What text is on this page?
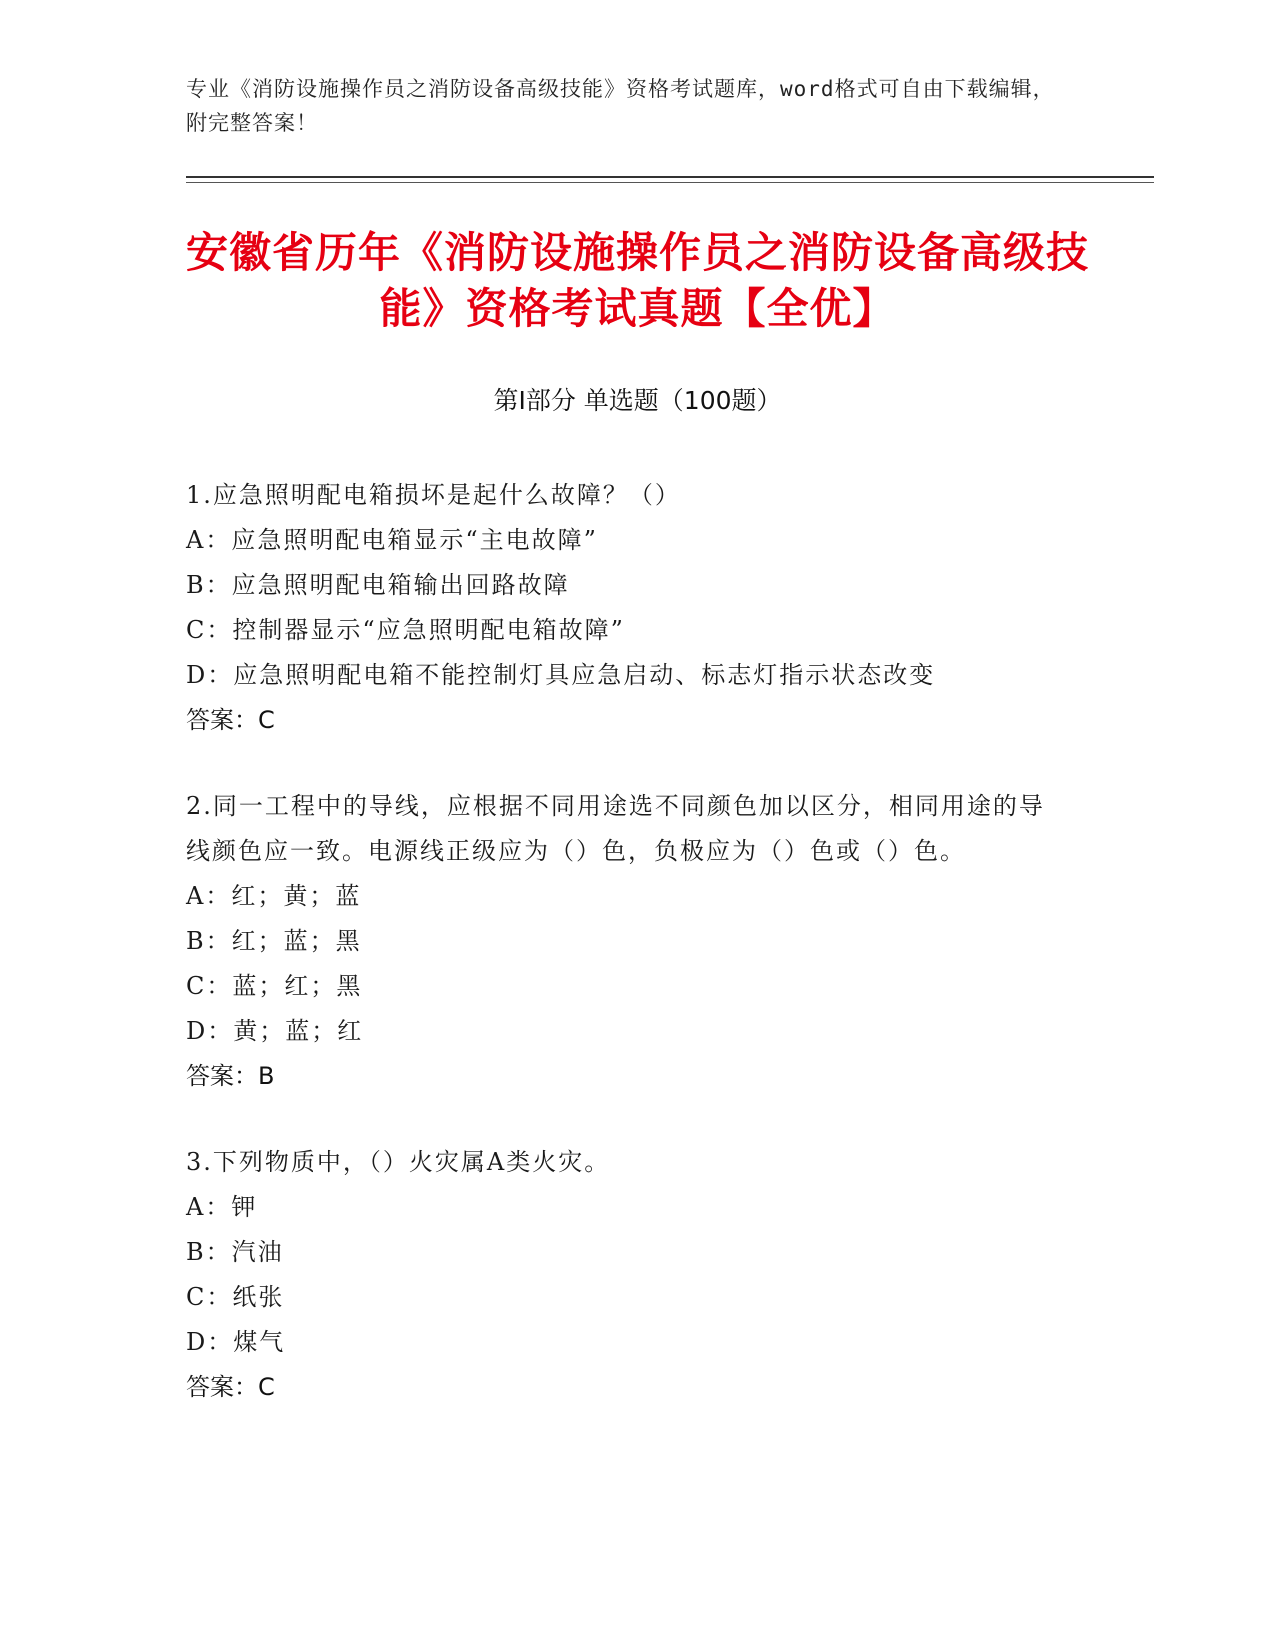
专业《消防设施操作员之消防设备高级技能》资格考试题库，word格式可自由下载编辑，附完整答案！
安徽省历年《消防设施操作员之消防设备高级技能》资格考试真题【全优】
第I部分 单选题（100题）
1.应急照明配电箱损坏是起什么故障？（）
A：应急照明配电箱显示“主电故障”
B：应急照明配电箱输出回路故障
C：控制器显示“应急照明配电箱故障”
D：应急照明配电箱不能控制灯具应急启动、标志灯指示状态改变
答案：C
2.同一工程中的导线，应根据不同用途选不同颜色加以区分，相同用途的导线颜色应一致。电源线正级应为（）色，负极应为（）色或（）色。
A：红；黄；蓝
B：红；蓝；黑
C：蓝；红；黑
D：黄；蓝；红
答案：B
3.下列物质中，（）火灾属A类火灾。
A：钾
B：汽油
C：纸张
D：煤气
答案：C
